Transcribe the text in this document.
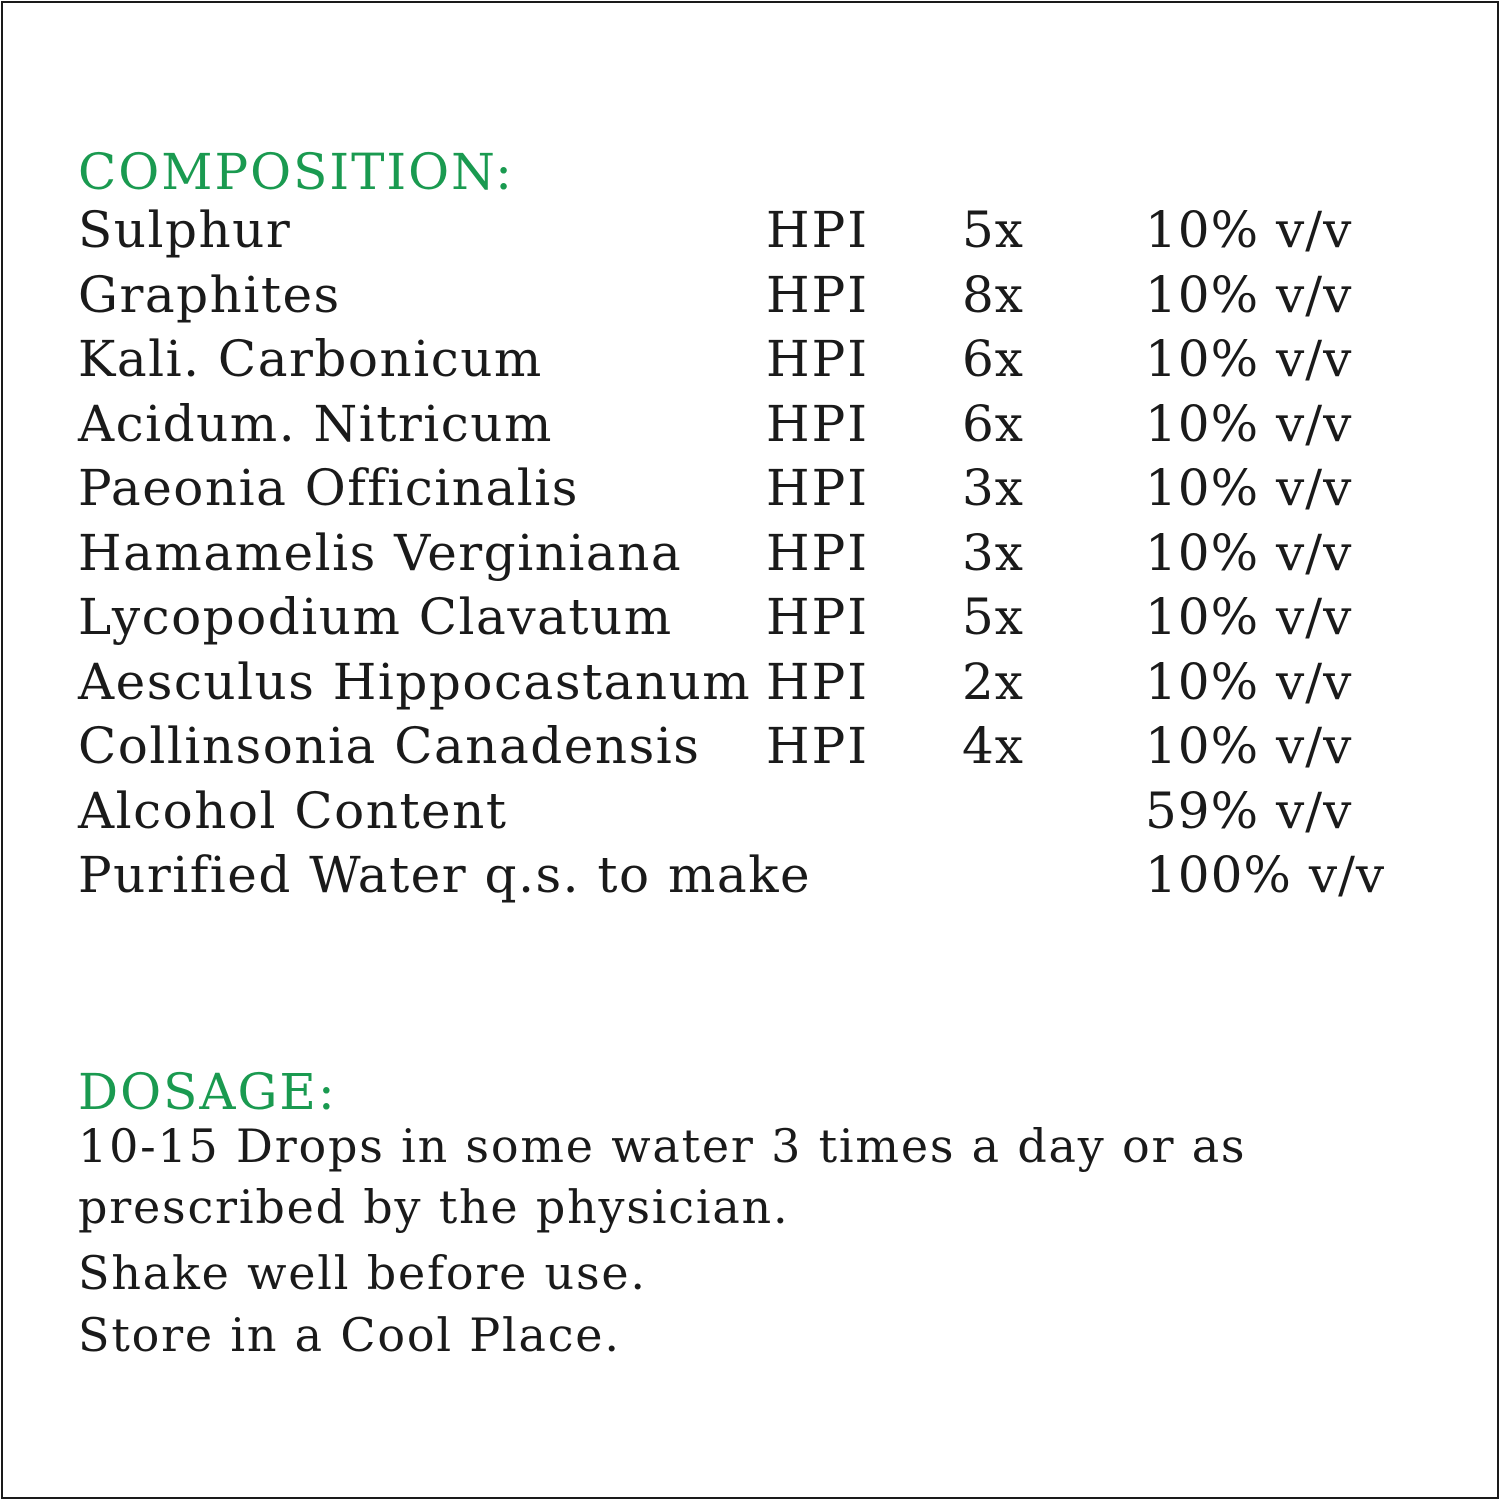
COMPOSITION:
Sulphur	HPI 5x 10% v/v
Graphites	HPI 8x 10% v/v
Kali. Carbonicum	HPI 6x 10% v/v
Acidum. Nitricum	HPI 6x 10% v/v
Paeonia Officinalis	HPI 3x 10% v/v
Hamamelis Verginiana HPI 3x 10% v/v
Lycopodium Clavatum HPI 5x 10% v/v
Aesculus Hippocastanum HPI 2x 10% v/v
Collinsonia Canadensis HPI 4x 10% v/v
Alcohol Content	59% v/v
Purified Water q.s. to make	100% v/v
DOSAGE:
10-15 Drops in some water 3 times a day or as prescribed by the physician.
Shake well before use.
Store in a Cool Place.
